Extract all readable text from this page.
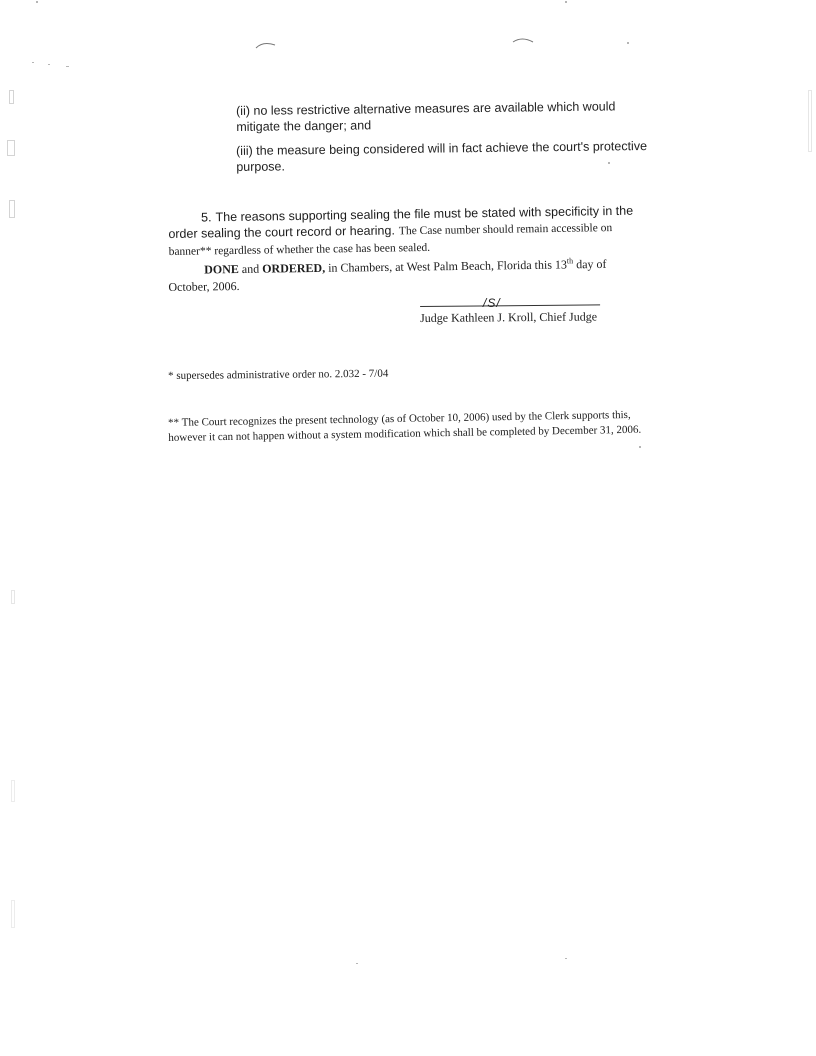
(ii) no less restrictive alternative measures are available which would mitigate the danger; and
(iii) the measure being considered will in fact achieve the court's protective purpose.
5. The reasons supporting sealing the file must be stated with specificity in the order sealing the court record or hearing. The Case number should remain accessible on banner** regardless of whether the case has been sealed.
DONE and ORDERED, in Chambers, at West Palm Beach, Florida this 13th day of October, 2006.
/S/
Judge Kathleen J. Kroll, Chief Judge
* supersedes administrative order no. 2.032 - 7/04
** The Court recognizes the present technology (as of October 10, 2006) used by the Clerk supports this, however it can not happen without a system modification which shall be completed by December 31, 2006.
